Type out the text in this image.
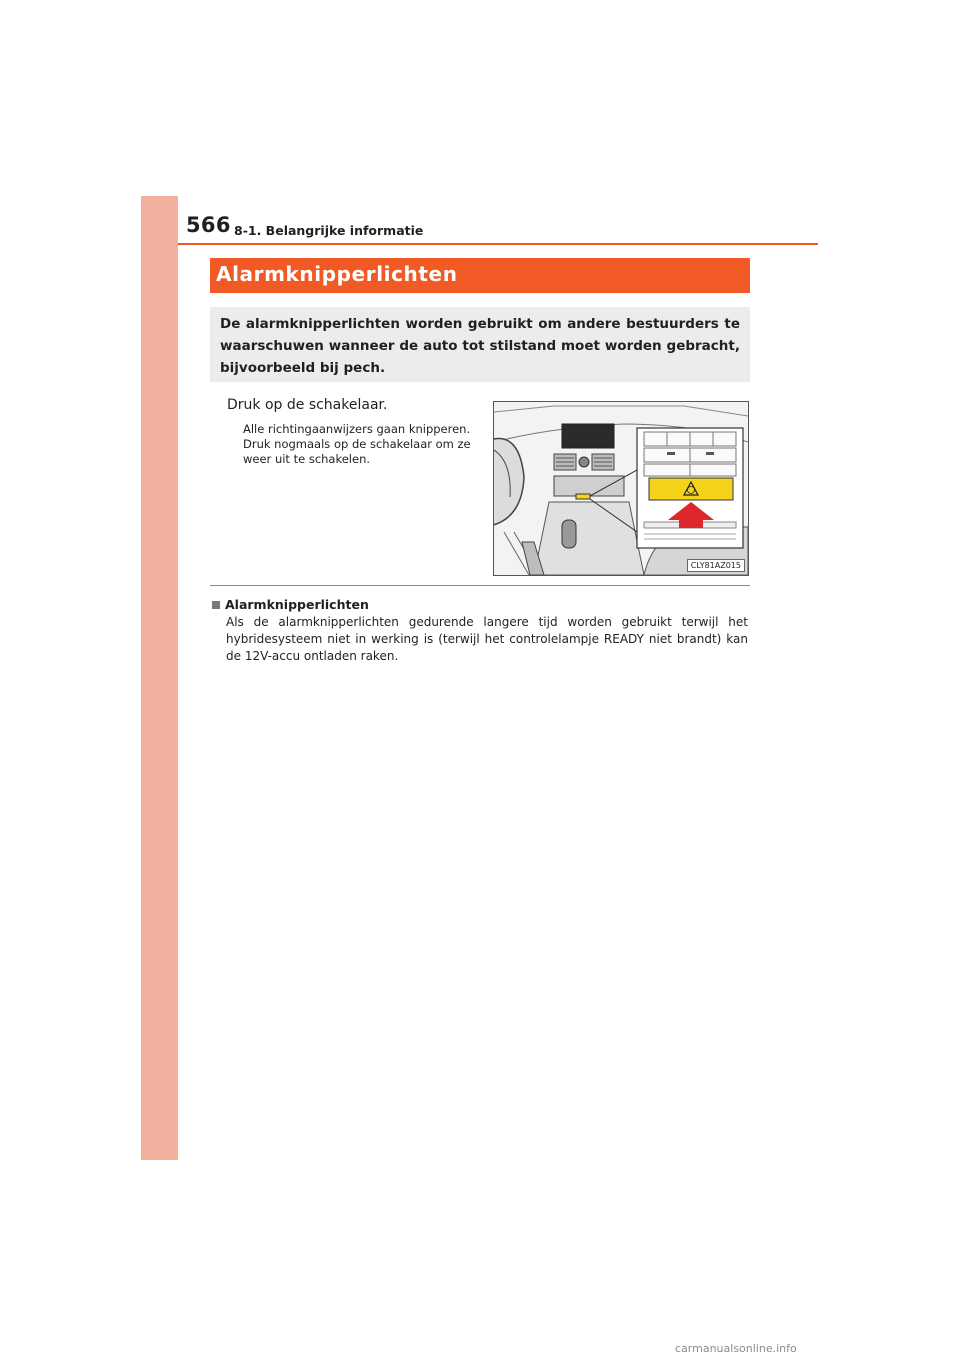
566 8-1. Belangrijke informatie
Alarmknipperlichten
De alarmknipperlichten worden gebruikt om andere bestuurders te waarschuwen wanneer de auto tot stilstand moet worden gebracht, bijvoorbeeld bij pech.
Druk op de schakelaar.
Alle richtingaanwijzers gaan knipperen. Druk nogmaals op de schakelaar om ze weer uit te schakelen.
CLY81AZ015
Alarmknipperlichten
Als de alarmknipperlichten gedurende langere tijd worden gebruikt terwijl het hybridesysteem niet in werking is (terwijl het controlelampje READY niet brandt) kan de 12V-accu ontladen raken.
carmanualsonline.info
